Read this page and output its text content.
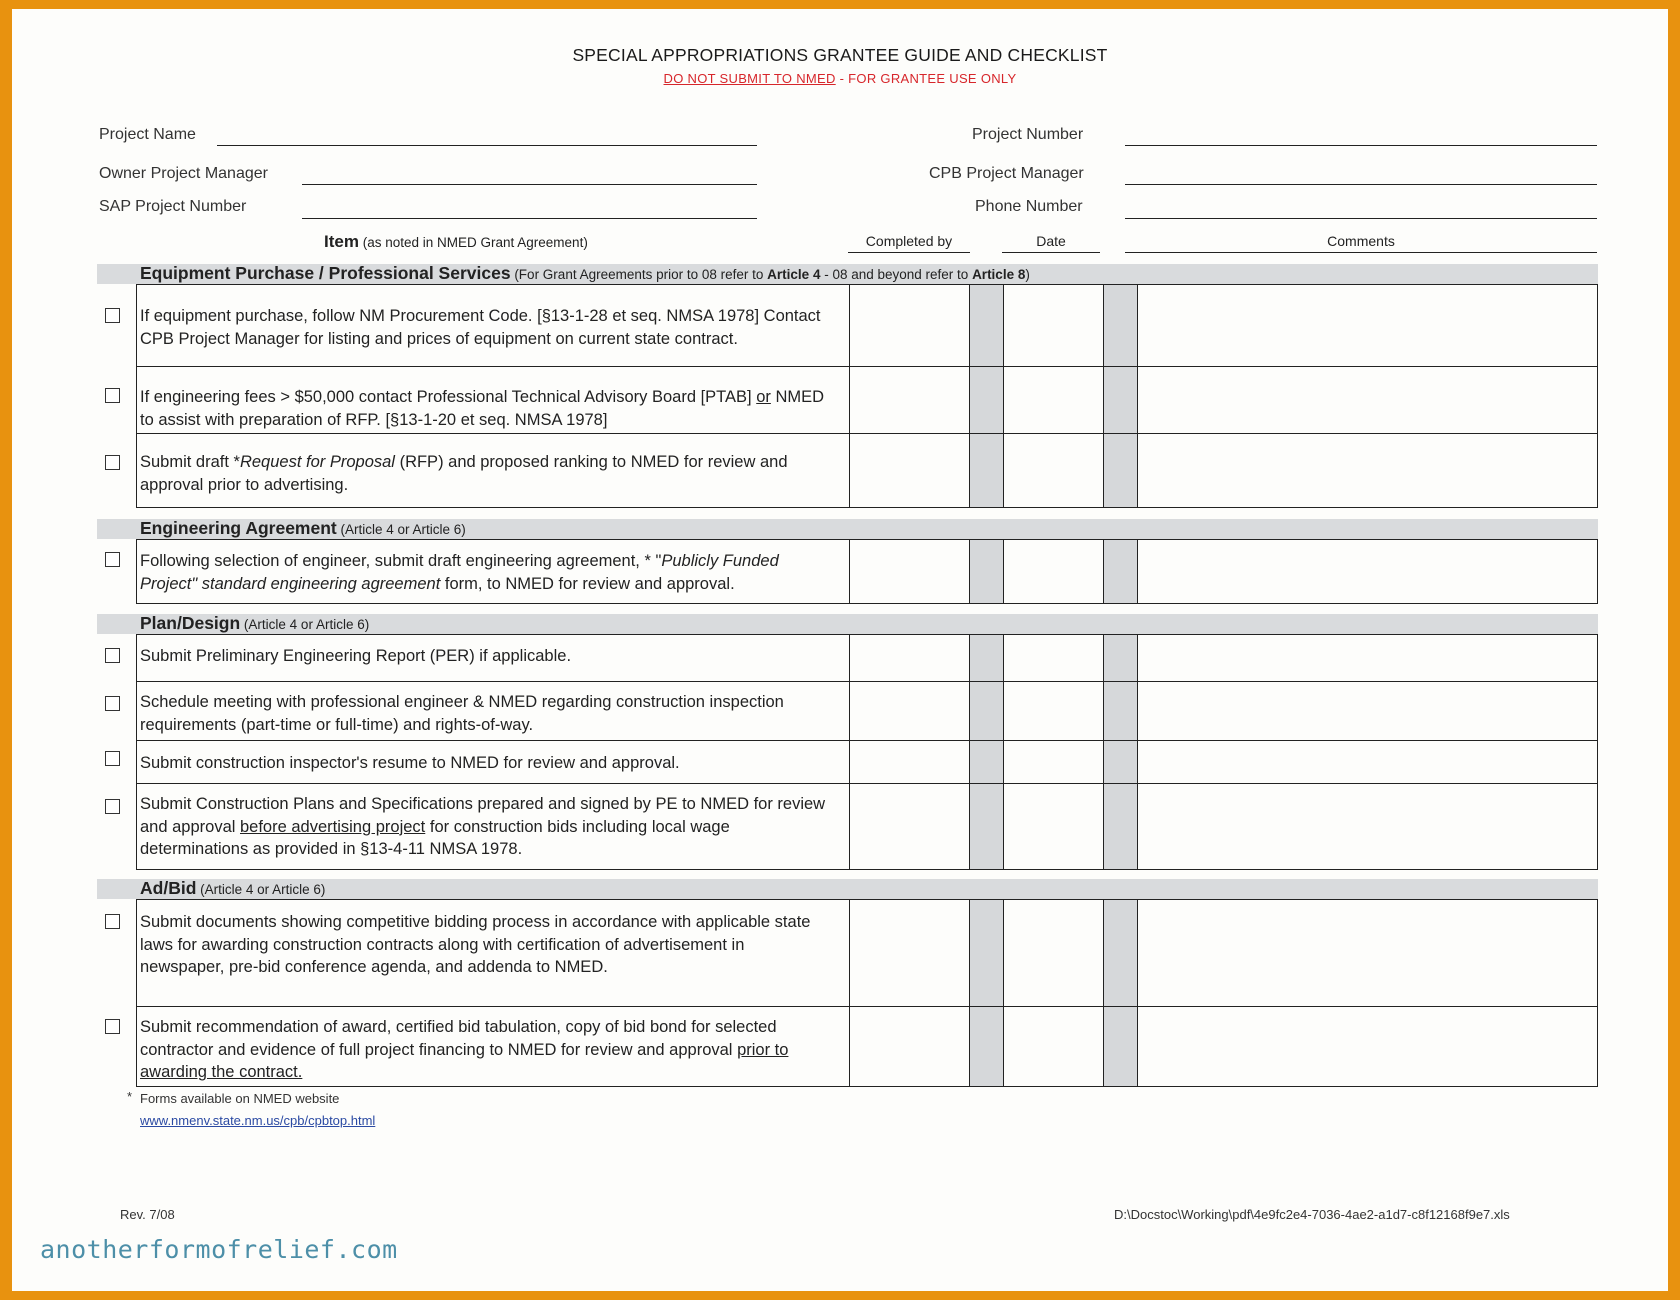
SPECIAL APPROPRIATIONS GRANTEE GUIDE AND CHECKLIST
DO NOT SUBMIT TO NMED - FOR GRANTEE USE ONLY
Project Name	Project Number
Owner Project Manager	CPB Project Manager
SAP Project Number	Phone Number
Item (as noted in NMED Grant Agreement)	Completed by	Date	Comments
Equipment Purchase / Professional Services (For Grant Agreements prior to 08 refer to Article 4 - 08 and beyond refer to Article 8)
If equipment purchase, follow NM Procurement Code. [§13-1-28 et seq. NMSA 1978] Contact CPB Project Manager for listing and prices of equipment on current state contract.
If engineering fees > $50,000 contact Professional Technical Advisory Board [PTAB] or NMED to assist with preparation of RFP. [§13-1-20 et seq. NMSA 1978]
Submit draft *Request for Proposal (RFP) and proposed ranking to NMED for review and approval prior to advertising.
Engineering Agreement (Article 4 or Article 6)
Following selection of engineer, submit draft engineering agreement, * "Publicly Funded Project" standard engineering agreement form, to NMED for review and approval.
Plan/Design (Article 4 or Article 6)
Submit Preliminary Engineering Report (PER) if applicable.
Schedule meeting with professional engineer & NMED regarding construction inspection requirements (part-time or full-time) and rights-of-way.
Submit construction inspector's resume to NMED for review and approval.
Submit Construction Plans and Specifications prepared and signed by PE to NMED for review and approval before advertising project for construction bids including local wage determinations as provided in §13-4-11 NMSA 1978.
Ad/Bid (Article 4 or Article 6)
Submit documents showing competitive bidding process in accordance with applicable state laws for awarding construction contracts along with certification of advertisement in newspaper, pre-bid conference agenda, and addenda to NMED.
Submit recommendation of award, certified bid tabulation, copy of bid bond for selected contractor and evidence of full project financing to NMED for review and approval prior to awarding the contract.
* Forms available on NMED website
www.nmenv.state.nm.us/cpb/cpbtop.html
Rev. 7/08	D:\Docstoc\Working\pdf\4e9fc2e4-7036-4ae2-a1d7-c8f12168f9e7.xls
anotherformofrelief.com
